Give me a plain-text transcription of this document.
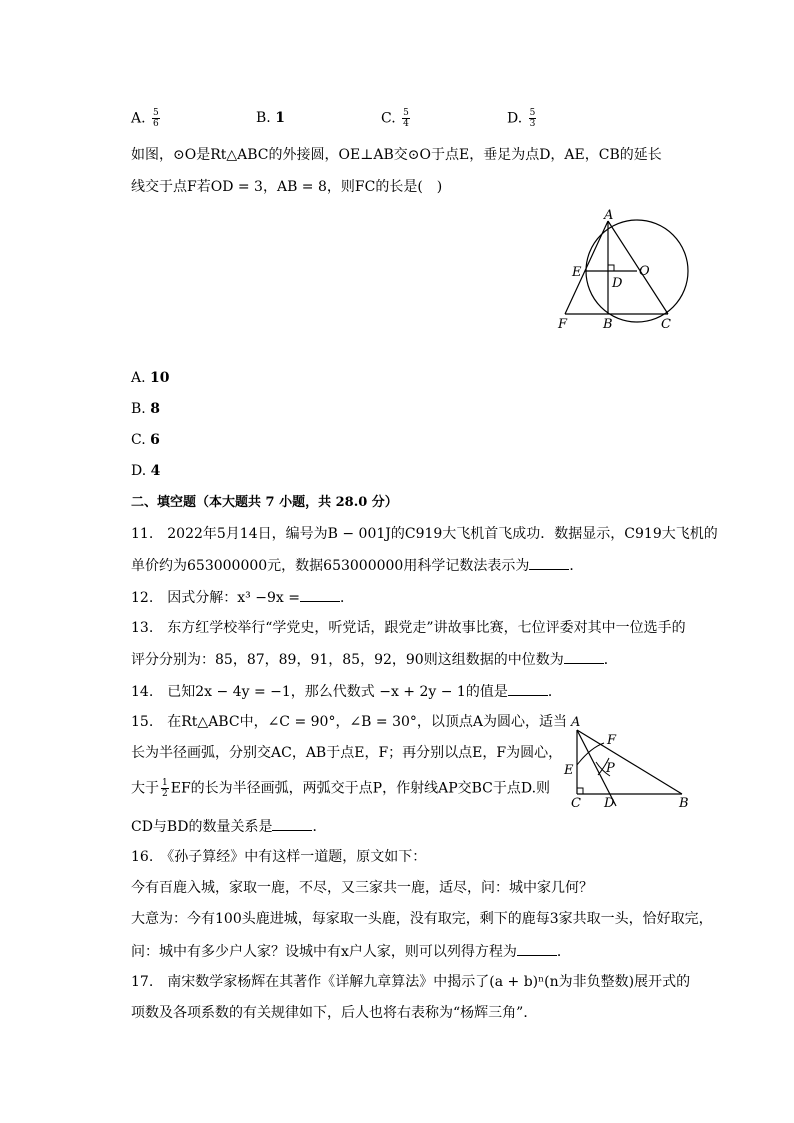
A. $\frac{5}{6}$	B. 1	C. $\frac{5}{4}$	D. $\frac{5}{3}$
如图，⊙O是Rt△ABC的外接圆，OE⊥AB交⊙O于点E，垂足为点D，AE，CB的延长
线交于点F若OD = 3，AB = 8，则FC的长是(　)
A
E	O
D
F	B	C
A. 10
B. 8
C. 6
D. 4
二、填空题（本大题共 7 小题，共 28.0 分）
11.　2022年5月14日，编号为B − 001J的C919大飞机首飞成功．数据显示，C919大飞机的
单价约为653000000元，数据653000000用科学记数法表示为	．
12.　因式分解：x³ −9x =	．
13.　东方红学校举行“学党史，听党话，跟党走”讲故事比赛，七位评委对其中一位选手的
评分分别为：85，87，89，91，85，92，90则这组数据的中位数为	．
14.　已知2x − 4y = −1，那么代数式 −x + 2y − 1的值是	．
15.　在Rt△ABC中，∠C = 90°，∠B = 30°，以顶点A为圆心，适当
长为半径画弧，分别交AC，AB于点E，F；再分别以点E，F为圆心，
大于 $\frac{1}{2}$ EF的长为半径画弧，两弧交于点P，作射线AP交BC于点D.则
CD与BD的数量关系是	．
A
F
E	P
C D	B
16.　《孙子算经》中有这样一道题，原文如下：
今有百鹿入城，家取一鹿，不尽，又三家共一鹿，适尽，问：城中家几何？
大意为：今有100头鹿进城，每家取一头鹿，没有取完，剩下的鹿每3家共取一头，恰好取完，
问：城中有多少户人家？设城中有x户人家，则可以列得方程为	．
17.　南宋数学家杨辉在其著作《详解九章算法》中揭示了(a + b)ⁿ(n为非负整数)展开式的
项数及各项系数的有关规律如下，后人也将右表称为“杨辉三角”．
